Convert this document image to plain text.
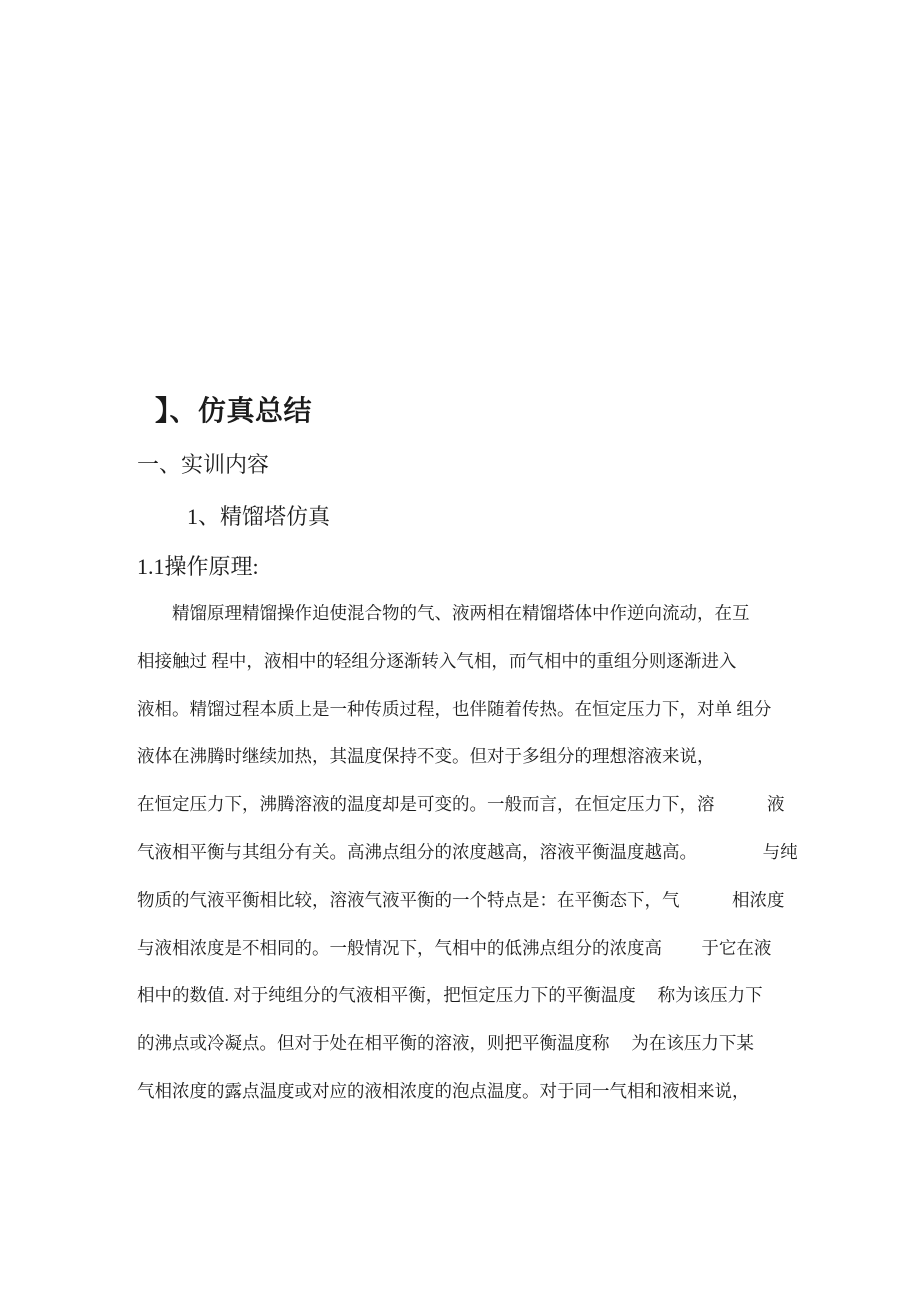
】、仿真总结
一、实训内容
1、精馏塔仿真
1.1操作原理:
精馏原理精馏操作迫使混合物的气、液两相在精馏塔体中作逆向流动，在互
相接触过 程中，液相中的轻组分逐渐转入气相，而气相中的重组分则逐渐进入
液相。精馏过程本质上是一种传质过程，也伴随着传热。在恒定压力下，对单 组分
液体在沸腾时继续加热，其温度保持不变。但对于多组分的理想溶液来说，
在恒定压力下，沸腾溶液的温度却是可变的。一般而言，在恒定压力下，溶　　　液
气液相平衡与其组分有关。高沸点组分的浓度越高，溶液平衡温度越高。　　　　 与纯
物质的气液平衡相比较，溶液气液平衡的一个特点是：在平衡态下，气　　　相浓度
与液相浓度是不相同的。一般情况下，气相中的低沸点组分的浓度高　　 于它在液
相中的数值. 对于纯组分的气液相平衡，把恒定压力下的平衡温度　 称为该压力下
的沸点或冷凝点。但对于处在相平衡的溶液，则把平衡温度称　 为在该压力下某
气相浓度的露点温度或对应的液相浓度的泡点温度。对于同一气相和液相来说，
